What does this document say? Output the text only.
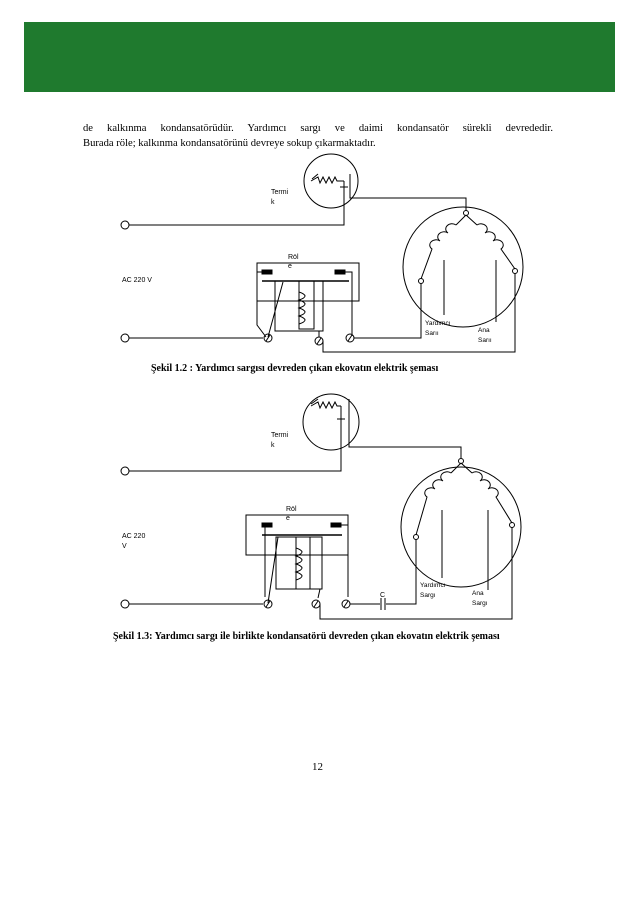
de kalkınma kondansatörüdür. Yardımcı sargı ve daimi kondansatör sürekli devrededir.
Burada röle; kalkınma kondansatörünü devreye sokup çıkarmaktadır.
Termi
k
Röl
e
AC 220 V
Yardımcı
Sarıı	Ana
Sarıı
Termi
k
Röl
e
AC 220
V
C
Yardımcı
Sargı	Ana
Sargı
Şekil 1.2 : Yardımcı sargısı devreden çıkan ekovatın elektrik şeması
Şekil 1.3: Yardımcı sargı ile birlikte kondansatörü devreden çıkan ekovatın elektrik şeması
12
